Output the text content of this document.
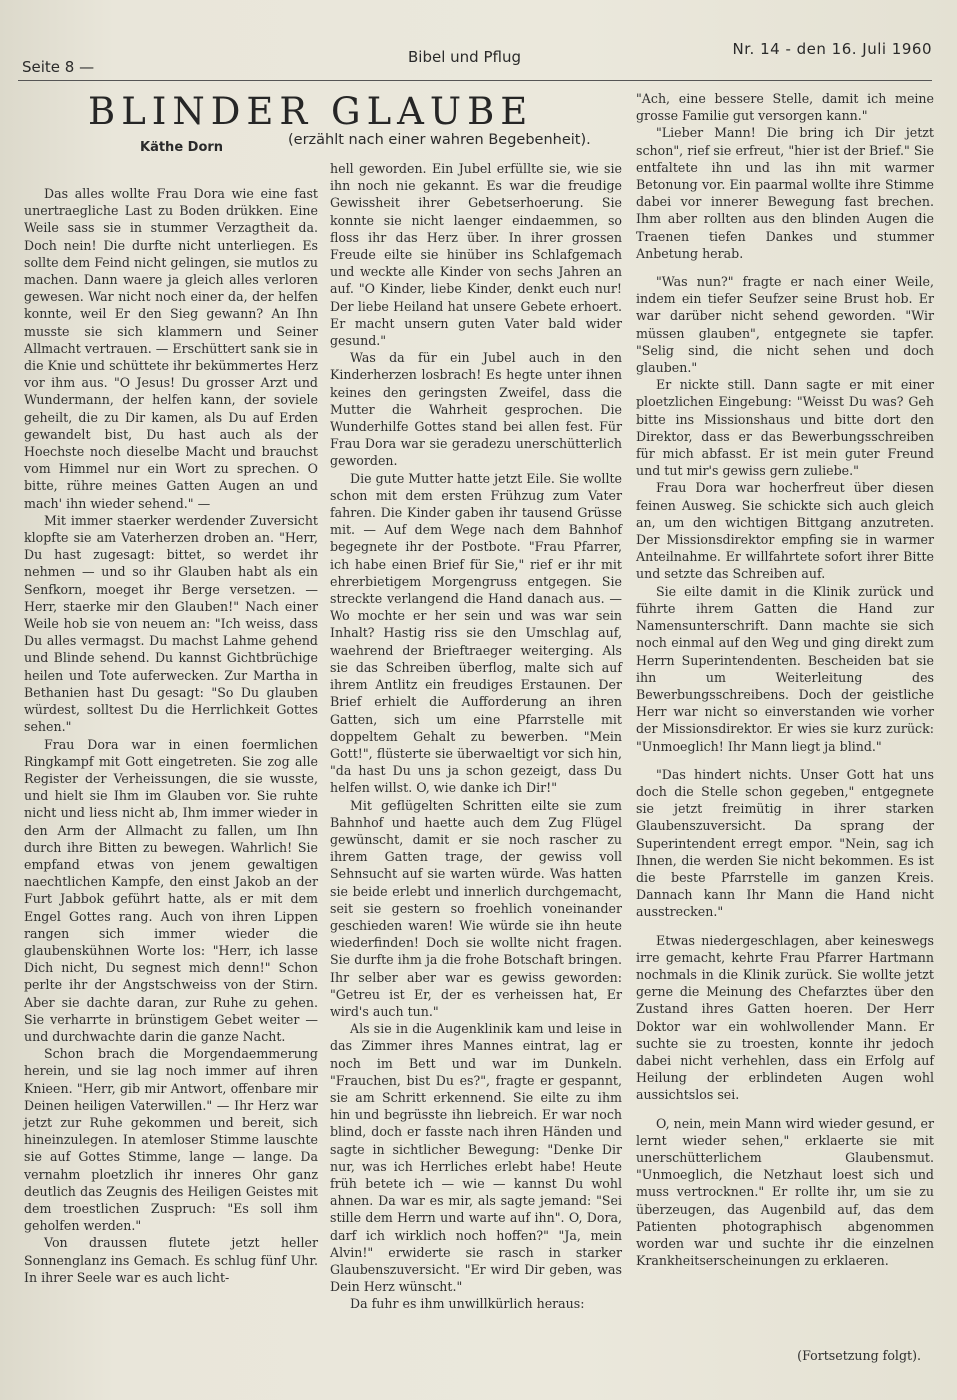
Seite 8 —
Bibel und Pflug	Nr. 14 - den 16. Juli 1960
BLINDER GLAUBE
Käthe Dorn	(erzählt nach einer wahren Begebenheit).

Das alles wollte Frau Dora wie eine fast unertraegliche Last zu Boden drükken. Eine Weile sass sie in stummer Verzagtheit da. Doch nein! Die durfte nicht unterliegen. Es sollte dem Feind nicht gelingen, sie mutlos zu machen. Dann waere ja gleich alles verloren gewesen. War nicht noch einer da, der helfen konnte, weil Er den Sieg gewann? An Ihn musste sie sich klammern und Seiner Allmacht vertrauen. — Erschüttert sank sie in die Knie und schüttete ihr bekümmertes Herz vor ihm aus. "O Jesus! Du grosser Arzt und Wundermann, der helfen kann, der soviele geheilt, die zu Dir kamen, als Du auf Erden gewandelt bist, Du hast auch als der Hoechste noch dieselbe Macht und brauchst vom Himmel nur ein Wort zu sprechen. O bitte, rühre meines Gatten Augen an und mach' ihn wieder sehend." —

Mit immer staerker werdender Zuversicht klopfte sie am Vaterherzen droben an. "Herr, Du hast zugesagt: bittet, so werdet ihr nehmen — und so ihr Glauben habt als ein Senfkorn, moeget ihr Berge versetzen. — Herr, staerke mir den Glauben!" Nach einer Weile hob sie von neuem an: "Ich weiss, dass Du alles vermagst. Du machst Lahme gehend und Blinde sehend. Du kannst Gichtbrüchige heilen und Tote auferwecken. Zur Martha in Bethanien hast Du gesagt: "So Du glauben würdest, solltest Du die Herrlichkeit Gottes sehen."

Frau Dora war in einen foermlichen Ringkampf mit Gott eingetreten. Sie zog alle Register der Verheissungen, die sie wusste, und hielt sie Ihm im Glauben vor. Sie ruhte nicht und liess nicht ab, Ihm immer wieder in den Arm der Allmacht zu fallen, um Ihn durch ihre Bitten zu bewegen. Wahrlich! Sie empfand etwas von jenem gewaltigen naechtlichen Kampfe, den einst Jakob an der Furt Jabbok geführt hatte, als er mit dem Engel Gottes rang. Auch von ihren Lippen rangen sich immer wieder die glaubenskühnen Worte los: "Herr, ich lasse Dich nicht, Du segnest mich denn!" Schon perlte ihr der Angstschweiss von der Stirn. Aber sie dachte daran, zur Ruhe zu gehen. Sie verharrte in brünstigem Gebet weiter — und durchwachte darin die ganze Nacht.

Schon brach die Morgendaemmerung herein, und sie lag noch immer auf ihren Knieen. "Herr, gib mir Antwort, offenbare mir Deinen heiligen Vaterwillen." — Ihr Herz war jetzt zur Ruhe gekommen und bereit, sich hineinzulegen. In atemloser Stimme lauschte sie auf Gottes Stimme, lange — lange. Da vernahm ploetzlich ihr inneres Ohr ganz deutlich das Zeugnis des Heiligen Geistes mit dem troestlichen Zuspruch: "Es soll ihm geholfen werden."

Von draussen flutete jetzt heller Sonnenglanz ins Gemach. Es schlug fünf Uhr. In ihrer Seele war es auch licht-

hell geworden. Ein Jubel erfüllte sie, wie sie ihn noch nie gekannt. Es war die freudige Gewissheit ihrer Gebetserhoerung. Sie konnte sie nicht laenger eindaemmen, so floss ihr das Herz über. In ihrer grossen Freude eilte sie hinüber ins Schlafgemach und weckte alle Kinder von sechs Jahren an auf. "O Kinder, liebe Kinder, denkt euch nur! Der liebe Heiland hat unsere Gebete erhoert. Er macht unsern guten Vater bald wider gesund."

Was da für ein Jubel auch in den Kinderherzen losbrach! Es hegte unter ihnen keines den geringsten Zweifel, dass die Mutter die Wahrheit gesprochen. Die Wunderhilfe Gottes stand bei allen fest. Für Frau Dora war sie geradezu unerschütterlich geworden.

Die gute Mutter hatte jetzt Eile. Sie wollte schon mit dem ersten Frühzug zum Vater fahren. Die Kinder gaben ihr tausend Grüsse mit. — Auf dem Wege nach dem Bahnhof begegnete ihr der Postbote. "Frau Pfarrer, ich habe einen Brief für Sie," rief er ihr mit ehrerbietigem Morgengruss entgegen. Sie streckte verlangend die Hand danach aus. — Wo mochte er her sein und was war sein Inhalt? Hastig riss sie den Umschlag auf, waehrend der Brieftraeger weiterging. Als sie das Schreiben überflog, malte sich auf ihrem Antlitz ein freudiges Erstaunen. Der Brief erhielt die Aufforderung an ihren Gatten, sich um eine Pfarrstelle mit doppeltem Gehalt zu bewerben. "Mein Gott!", flüsterte sie überwaeltigt vor sich hin, "da hast Du uns ja schon gezeigt, dass Du helfen willst. O, wie danke ich Dir!"

Mit geflügelten Schritten eilte sie zum Bahnhof und haette auch dem Zug Flügel gewünscht, damit er sie noch rascher zu ihrem Gatten trage, der gewiss voll Sehnsucht auf sie warten würde. Was hatten sie beide erlebt und innerlich durchgemacht, seit sie gestern so froehlich voneinander geschieden waren! Wie würde sie ihn heute wiederfinden! Doch sie wollte nicht fragen. Sie durfte ihm ja die frohe Botschaft bringen. Ihr selber aber war es gewiss geworden: "Getreu ist Er, der es verheissen hat, Er wird's auch tun."

Als sie in die Augenklinik kam und leise in das Zimmer ihres Mannes eintrat, lag er noch im Bett und war im Dunkeln. "Frauchen, bist Du es?", fragte er gespannt, sie am Schritt erkennend. Sie eilte zu ihm hin und begrüsste ihn liebreich. Er war noch blind, doch er fasste nach ihren Händen und sagte in sichtlicher Bewegung: "Denke Dir nur, was ich Herrliches erlebt habe! Heute früh betete ich — wie — kannst Du wohl ahnen. Da war es mir, als sagte jemand: "Sei stille dem Herrn und warte auf ihn". O, Dora, darf ich wirklich noch hoffen?" "Ja, mein Alvin!" erwiderte sie rasch in starker Glaubenszuversicht. "Er wird Dir geben, was Dein Herz wünscht."

Da fuhr es ihm unwillkürlich heraus:

"Ach, eine bessere Stelle, damit ich meine grosse Familie gut versorgen kann."

"Lieber Mann! Die bring ich Dir jetzt schon", rief sie erfreut, "hier ist der Brief." Sie entfaltete ihn und las ihn mit warmer Betonung vor. Ein paarmal wollte ihre Stimme dabei vor innerer Bewegung fast brechen. Ihm aber rollten aus den blinden Augen die Traenen tiefen Dankes und stummer Anbetung herab.

"Was nun?" fragte er nach einer Weile, indem ein tiefer Seufzer seine Brust hob. Er war darüber nicht sehend geworden. "Wir müssen glauben", entgegnete sie tapfer. "Selig sind, die nicht sehen und doch glauben."

Er nickte still. Dann sagte er mit einer ploetzlichen Eingebung: "Weisst Du was? Geh bitte ins Missionshaus und bitte dort den Direktor, dass er das Bewerbungsschreiben für mich abfasst. Er ist mein guter Freund und tut mir's gewiss gern zuliebe."

Frau Dora war hocherfreut über diesen feinen Ausweg. Sie schickte sich auch gleich an, um den wichtigen Bittgang anzutreten. Der Missionsdirektor empfing sie in warmer Anteilnahme. Er willfahrtete sofort ihrer Bitte und setzte das Schreiben auf.

Sie eilte damit in die Klinik zurück und führte ihrem Gatten die Hand zur Namensunterschrift. Dann machte sie sich noch einmal auf den Weg und ging direkt zum Herrn Superintendenten. Bescheiden bat sie ihn um Weiterleitung des Bewerbungsschreibens. Doch der geistliche Herr war nicht so einverstanden wie vorher der Missionsdirektor. Er wies sie kurz zurück: "Unmoeglich! Ihr Mann liegt ja blind."

"Das hindert nichts. Unser Gott hat uns doch die Stelle schon gegeben," entgegnete sie jetzt freimütig in ihrer starken Glaubenszuversicht. Da sprang der Superintendent erregt empor. "Nein, sag ich Ihnen, die werden Sie nicht bekommen. Es ist die beste Pfarrstelle im ganzen Kreis. Dannach kann Ihr Mann die Hand nicht ausstrecken."

Etwas niedergeschlagen, aber keineswegs irre gemacht, kehrte Frau Pfarrer Hartmann nochmals in die Klinik zurück. Sie wollte jetzt gerne die Meinung des Chefarztes über den Zustand ihres Gatten hoeren. Der Herr Doktor war ein wohlwollender Mann. Er suchte sie zu troesten, konnte ihr jedoch dabei nicht verhehlen, dass ein Erfolg auf Heilung der erblindeten Augen wohl aussichtslos sei.

O, nein, mein Mann wird wieder gesund, er lernt wieder sehen," erklaerte sie mit unerschütterlichem Glaubensmut. "Unmoeglich, die Netzhaut loest sich und muss vertrocknen." Er rollte ihr, um sie zu überzeugen, das Augenbild auf, das dem Patienten photographisch abgenommen worden war und suchte ihr die einzelnen Krankheitserscheinungen zu erklaeren.

(Fortsetzung folgt).
